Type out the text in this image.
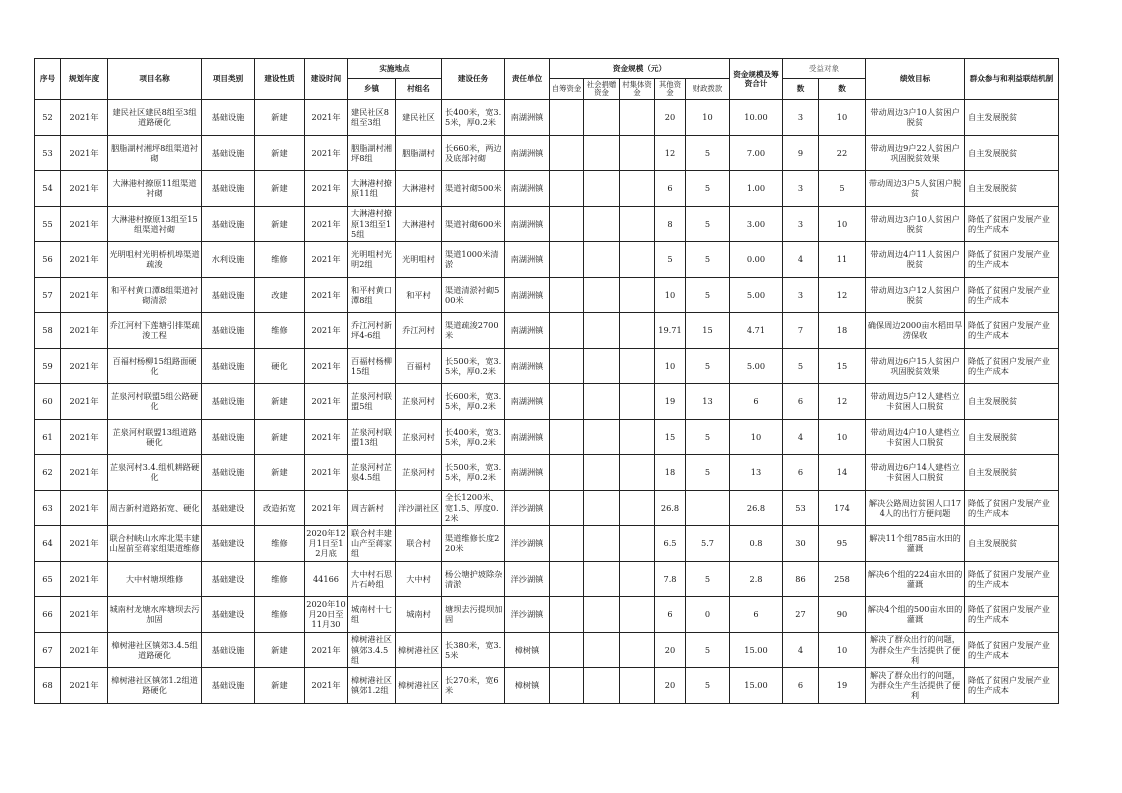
序号	规划年度	项目名称	项目类别	建设性质	建设时间	实施地点		建设任务	责任单位	资金规模（元）					资金规模及筹资合计	受益对象		绩效目标	群众参与和利益联结机制
						乡镇	村组名			自筹资金	社会捐赠资金	村集体资金	其他资金	财政拨款		数	数		
52	2021年	建民社区建民8组至3组道路硬化	基础设施	新建	2021年	建民社区8组至3组	建民社区	长400米，宽3.5米，厚0.2米	南湖洲镇				20	10	10.00	3	10	带动周边3户10人贫困户脱贫	自主发展脱贫
53	2021年	胭脂湖村湘坪8组渠道衬砌	基础设施	新建	2021年	胭脂湖村湘坪8组	胭脂湖村	长660米，两边及底部衬砌	南湖洲镇				12	5	7.00	9	22	带动周边9户22人贫困户巩固脱贫效果	自主发展脱贫
54	2021年	大淋港村撩原11组渠道衬砌	基础设施	新建	2021年	大淋港村撩原11组	大淋港村	渠道衬砌500米	南湖洲镇				6	5	1.00	3	5	带动周边3户5人贫困户脱贫	自主发展脱贫
55	2021年	大淋港村撩原13组至15组渠道衬砌	基础设施	新建	2021年	大淋港村撩原13组至15组	大淋港村	渠道衬砌600米	南湖洲镇				8	5	3.00	3	10	带动周边3户10人贫困户脱贫	降低了贫困户发展产业的生产成本
56	2021年	光明咀村光明桥机埠渠道疏浚	水利设施	维修	2021年	光明咀村光明2组	光明咀村	渠道1000米清淤	南湖洲镇				5	5	0.00	4	11	带动周边4户11人贫困户脱贫	降低了贫困户发展产业的生产成本
57	2021年	和平村黄口潭8组渠道衬砌清淤	基础设施	改建	2021年	和平村黄口潭8组	和平村	渠道清淤衬砌500米	南湖洲镇				10	5	5.00	3	12	带动周边3户12人贫困户脱贫	降低了贫困户发展产业的生产成本
58	2021年	乔江河村下莲塘引排渠疏浚工程	基础设施	维修	2021年	乔江河村新坪4-6组	乔江河村	渠道疏浚2700米	南湖洲镇				19.71	15	4.71	7	18	确保周边2000亩水稻田旱涝保收	降低了贫困户发展产业的生产成本
59	2021年	百福村杨柳15组路面硬化	基础设施	硬化	2021年	百福村杨柳15组	百福村	长500米，宽3.5米，厚0.2米	南湖洲镇				10	5	5.00	5	15	带动周边6户15人贫困户巩固脱贫效果	降低了贫困户发展产业的生产成本
60	2021年	芷泉河村联盟5组公路硬化	基础设施	新建	2021年	芷泉河村联盟5组	芷泉河村	长600米，宽3.5米，厚0.2米	南湖洲镇				19	13	6	6	12	带动周边5户12人建档立卡贫困人口脱贫	自主发展脱贫
61	2021年	芷泉河村联盟13组道路硬化	基础设施	新建	2021年	芷泉河村联盟13组	芷泉河村	长400米，宽3.5米，厚0.2米	南湖洲镇				15	5	10	4	10	带动周边4户10人建档立卡贫困人口脱贫	自主发展脱贫
62	2021年	芷泉河村3.4.组机耕路硬化	基础设施	新建	2021年	芷泉河村芷泉4.5组	芷泉河村	长500米，宽3.5米，厚0.2米	南湖洲镇				18	5	13	6	14	带动周边6户14人建档立卡贫困人口脱贫	自主发展脱贫
63	2021年	周吉新村道路拓宽、硬化	基础建设	改造拓宽	2021年	周吉新村	洋沙湖社区	全长1200米、宽1.5、厚度0.2米	洋沙湖镇				26.8		26.8	53	174	解决公路周边贫困人口174人的出行方便问题	降低了贫困户发展产业的生产成本
64	2021年	联合村峡山水库北渠丰建山屋前至蒋家组渠道维修	基础建设	维修	2020年12月1日至12月底	联合村丰建山产至蒋家组	联合村	渠道维修长度220米	洋沙湖镇				6.5	5.7	0.8	30	95	解决11个组785亩水田的灌溉	自主发展脱贫
65	2021年	大中村塘坝维修	基础建设	维修	44166	大中村石思片石岭组	大中村	杨公塘护坡除杂清淤	洋沙湖镇				7.8	5	2.8	86	258	解决6个组的224亩水田的灌溉	降低了贫困户发展产业的生产成本
66	2021年	城南村龙塘水库塘坝去污加固	基础建设	维修	2020年10月20日至11月30	城南村十七组	城南村	塘坝去污提坝加固	洋沙湖镇				6	0	6	27	90	解决4个组的500亩水田的灌溉	降低了贫困户发展产业的生产成本
67	2021年	樟树港社区镇郊3.4.5组道路硬化	基础设施	新建	2021年	樟树港社区镇郊3.4.5组	樟树港社区	长380米，宽3.5米	樟树镇				20	5	15.00	4	10	解决了群众出行的问题，为群众生产生活提供了便利	降低了贫困户发展产业的生产成本
68	2021年	樟树港社区镇郊1.2组道路硬化	基础设施	新建	2021年	樟树港社区镇郊1.2组	樟树港社区	长270米，宽6米	樟树镇				20	5	15.00	6	19	解决了群众出行的问题，为群众生产生活提供了便利	降低了贫困户发展产业的生产成本
